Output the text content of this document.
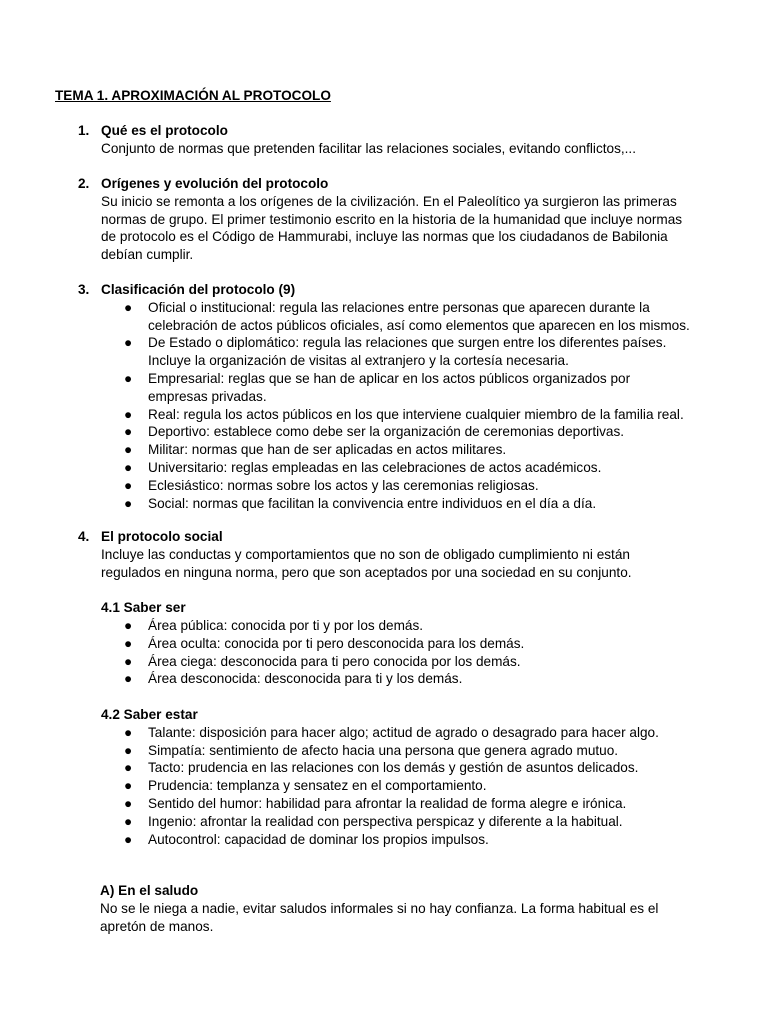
TEMA 1. APROXIMACIÓN AL PROTOCOLO
1. Qué es el protocolo
Conjunto de normas que pretenden facilitar las relaciones sociales, evitando conflictos,...
2. Orígenes y evolución del protocolo
Su inicio se remonta a los orígenes de la civilización. En el Paleolítico ya surgieron las primeras
normas de grupo. El primer testimonio escrito en la historia de la humanidad que incluye normas
de protocolo es el Código de Hammurabi, incluye las normas que los ciudadanos de Babilonia
debían cumplir.
3. Clasificación del protocolo (9)
● Oficial o institucional: regula las relaciones entre personas que aparecen durante la
celebración de actos públicos oficiales, así como elementos que aparecen en los mismos.
● De Estado o diplomático: regula las relaciones que surgen entre los diferentes países.
Incluye la organización de visitas al extranjero y la cortesía necesaria.
● Empresarial: reglas que se han de aplicar en los actos públicos organizados por
empresas privadas.
● Real: regula los actos públicos en los que interviene cualquier miembro de la familia real.
● Deportivo: establece como debe ser la organización de ceremonias deportivas.
● Militar: normas que han de ser aplicadas en actos militares.
● Universitario: reglas empleadas en las celebraciones de actos académicos.
● Eclesiástico: normas sobre los actos y las ceremonias religiosas.
● Social: normas que facilitan la convivencia entre individuos en el día a día.
4. El protocolo social
Incluye las conductas y comportamientos que no son de obligado cumplimiento ni están
regulados en ninguna norma, pero que son aceptados por una sociedad en su conjunto.
4.1 Saber ser
● Área pública: conocida por ti y por los demás.
● Área oculta: conocida por ti pero desconocida para los demás.
● Área ciega: desconocida para ti pero conocida por los demás.
● Área desconocida: desconocida para ti y los demás.
4.2 Saber estar
● Talante: disposición para hacer algo; actitud de agrado o desagrado para hacer algo.
● Simpatía: sentimiento de afecto hacia una persona que genera agrado mutuo.
● Tacto: prudencia en las relaciones con los demás y gestión de asuntos delicados.
● Prudencia: templanza y sensatez en el comportamiento.
● Sentido del humor: habilidad para afrontar la realidad de forma alegre e irónica.
● Ingenio: afrontar la realidad con perspectiva perspicaz y diferente a la habitual.
● Autocontrol: capacidad de dominar los propios impulsos.
A) En el saludo
No se le niega a nadie, evitar saludos informales si no hay confianza. La forma habitual es el
apretón de manos.
